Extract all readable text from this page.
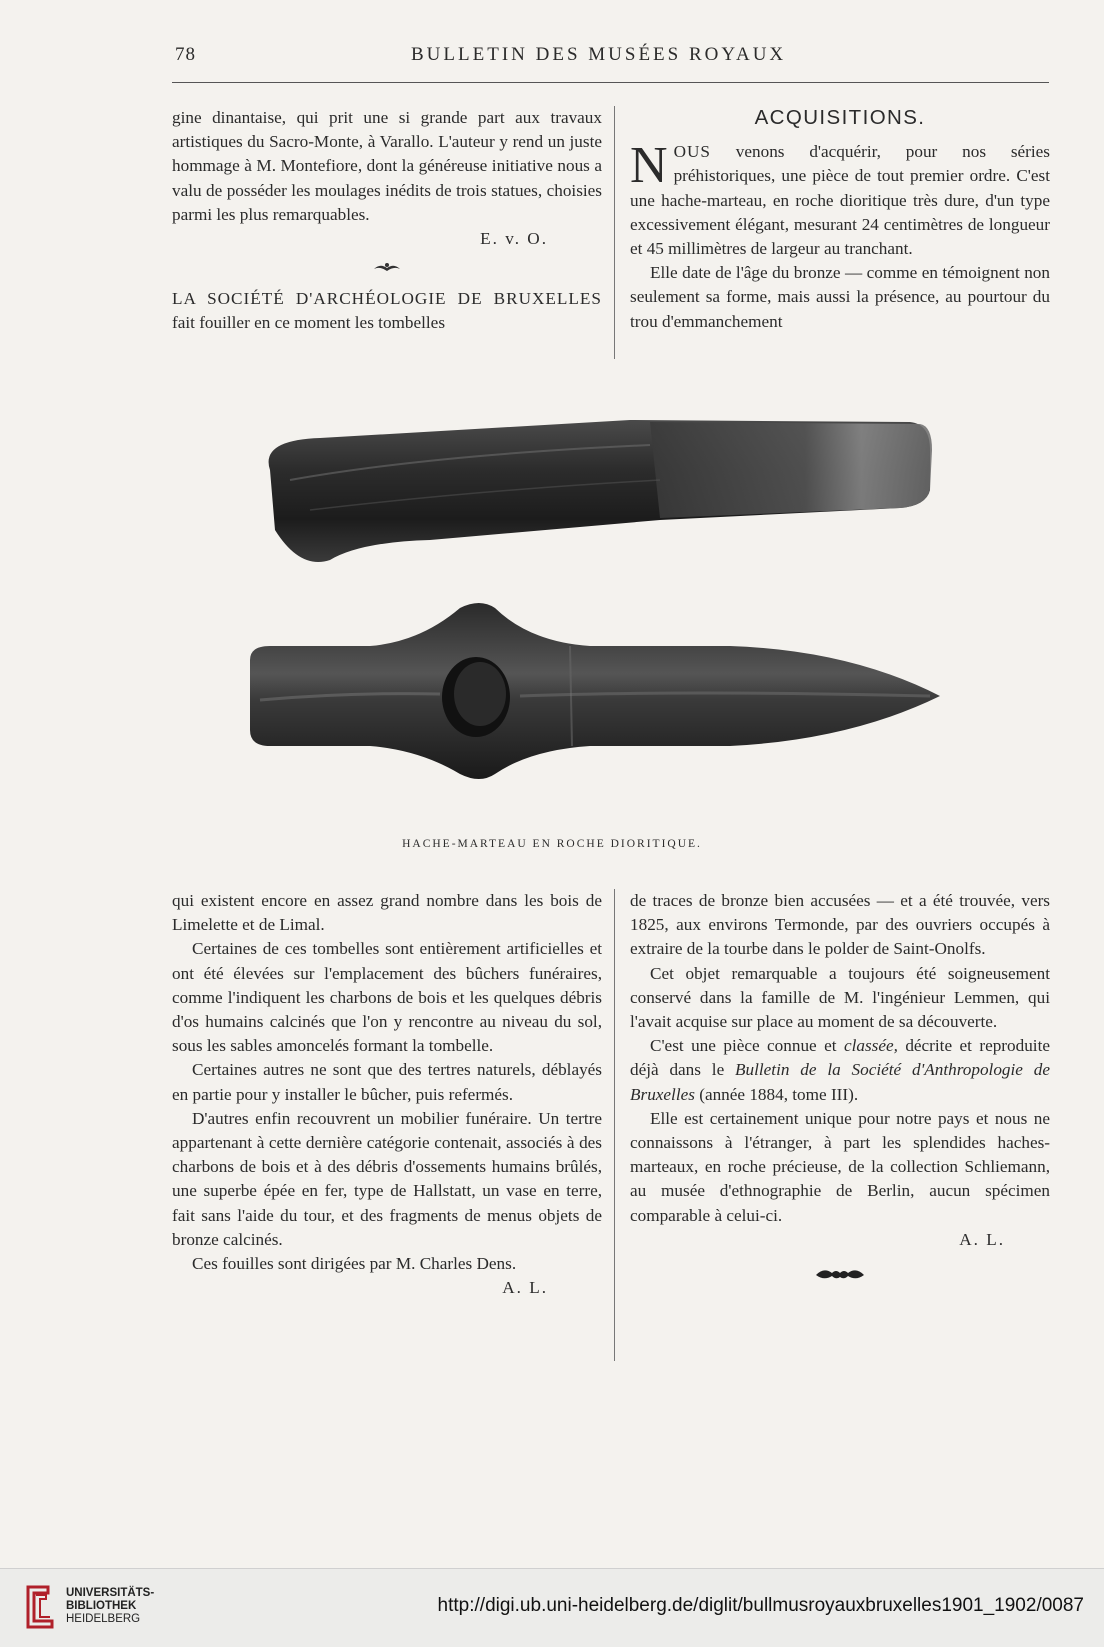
78	BULLETIN DES MUSÉES ROYAUX

gine dinantaise, qui prit une si grande part aux travaux artistiques du Sacro-Monte, à Varallo. L'auteur y rend un juste hommage à M. Montefiore, dont la généreuse initiative nous a valu de posséder les moulages inédits de trois statues, choisies parmi les plus remarquables.

E. v. O.

LA SOCIÉTÉ D'ARCHÉOLOGIE DE BRUXELLES fait fouiller en ce moment les tombelles

ACQUISITIONS.

NOUS venons d'acquérir, pour nos séries préhistoriques, une pièce de tout premier ordre. C'est une hache-marteau, en roche dioritique très dure, d'un type excessivement élégant, mesurant 24 centimètres de longueur et 45 millimètres de largeur au tranchant.

Elle date de l'âge du bronze — comme en témoignent non seulement sa forme, mais aussi la présence, au pourtour du trou d'emmanchement

HACHE-MARTEAU EN ROCHE DIORITIQUE.

qui existent encore en assez grand nombre dans les bois de Limelette et de Limal.

Certaines de ces tombelles sont entièrement artificielles et ont été élevées sur l'emplacement des bûchers funéraires, comme l'indiquent les charbons de bois et les quelques débris d'os humains calcinés que l'on y rencontre au niveau du sol, sous les sables amoncelés formant la tombelle.

Certaines autres ne sont que des tertres naturels, déblayés en partie pour y installer le bûcher, puis refermés.

D'autres enfin recouvrent un mobilier funéraire. Un tertre appartenant à cette dernière catégorie contenait, associés à des charbons de bois et à des débris d'ossements humains brûlés, une superbe épée en fer, type de Hallstatt, un vase en terre, fait sans l'aide du tour, et des fragments de menus objets de bronze calcinés.

Ces fouilles sont dirigées par M. Charles Dens.

A. L.

de traces de bronze bien accusées — et a été trouvée, vers 1825, aux environs Termonde, par des ouvriers occupés à extraire de la tourbe dans le polder de Saint-Onolfs.

Cet objet remarquable a toujours été soigneusement conservé dans la famille de M. l'ingénieur Lemmen, qui l'avait acquise sur place au moment de sa découverte.

C'est une pièce connue et classée, décrite et reproduite déjà dans le Bulletin de la Société d'Anthropologie de Bruxelles (année 1884, tome III).

Elle est certainement unique pour notre pays et nous ne connaissons à l'étranger, à part les splendides haches-marteaux, en roche précieuse, de la collection Schliemann, au musée d'ethnographie de Berlin, aucun spécimen comparable à celui-ci.

A. L.

UNIVERSITÄTS-
BIBLIOTHEK
HEIDELBERG
http://digi.ub.uni-heidelberg.de/diglit/bullmusroyauxbruxelles1901_1902/0087
